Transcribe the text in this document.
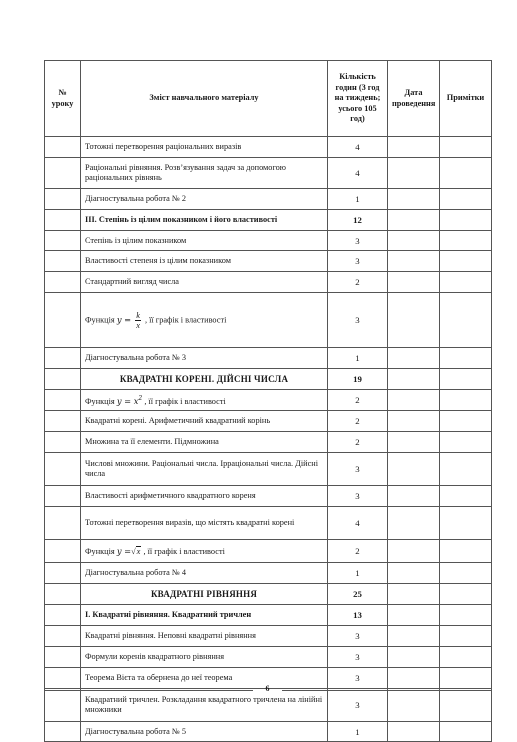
№ уроку	Зміст навчального матеріалу	Кількість годин (3 год на тиждень; усього 105 год)	Дата проведення	Примітки
	Тотожні перетворення раціональних виразів	4		
	Раціональні рівняння. Розв’язування задач за допомогою раціональних рівнянь	4		
	Діагностувальна робота № 2	1		
	ІІІ. Степінь із цілим показником і його властивості	12		
	Степінь із цілим показником	3		
	Властивості степеня із цілим показником	3		
	Стандартний вигляд числа	2		
	Функція $y = \frac{k}{x}$ , її графік і властивості	3		
	Діагностувальна робота № 3	1		
	КВАДРАТНІ КОРЕНІ. ДІЙСНІ ЧИСЛА	19		
	Функція $y = x^2$ , її графік і властивості	2		
	Квадратні корені. Арифметичний квадратний корінь	2		
	Множина та її елементи. Підмножина	2		
	Числові множини. Раціональні числа. Ірраціональні числа. Дійсні числа	3		
	Властивості арифметичного квадратного кореня	3		
	Тотожні перетворення виразів, що містять квадратні корені	4		
	Функція y =√x , її графік і властивості	2		
	Діагностувальна робота № 4	1		
	КВАДРАТНІ РІВНЯННЯ	25		
	І. Квадратні рівняння. Квадратний тричлен	13		
	Квадратні рівняння. Неповні квадратні рівняння	3		
	Формули коренів квадратного рівняння	3		
	Теорема Вієта та обернена до неї теорема	3		
	Квадратний тричлен. Розкладання квадратного тричлена на лінійні множники	3		
	Діагностувальна робота № 5	1		
6
